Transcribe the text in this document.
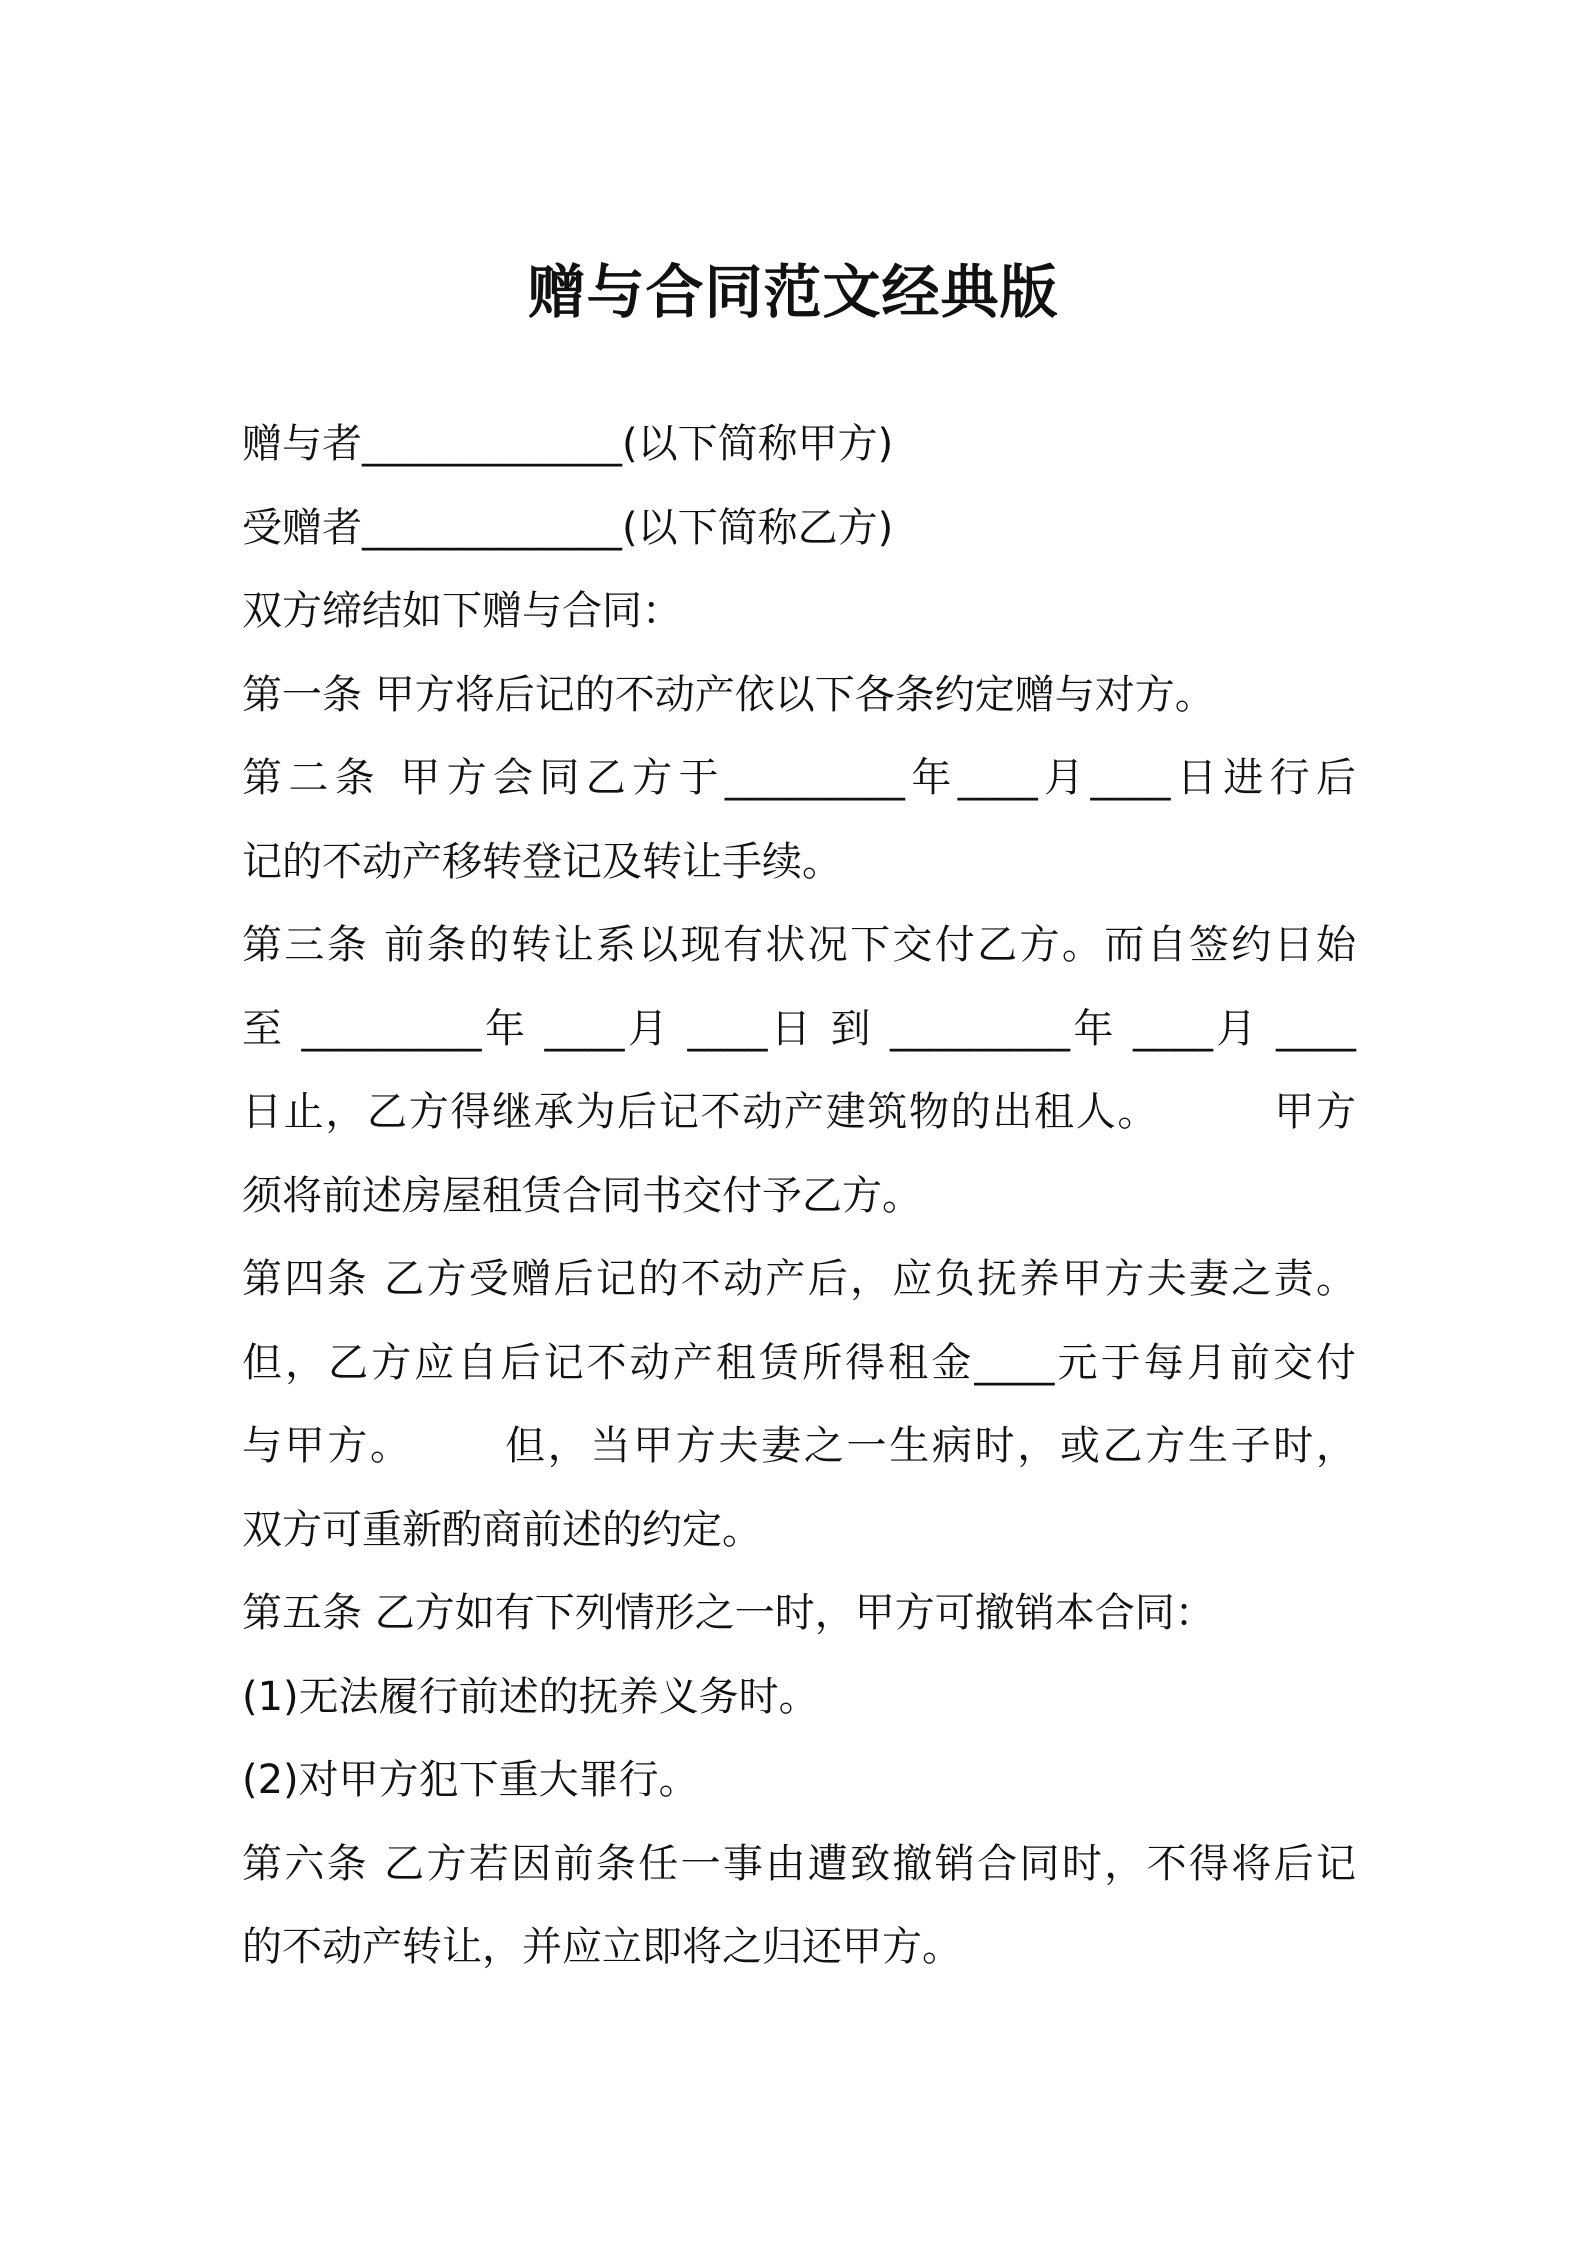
赠与合同范文经典版
赠与者_____________(以下简称甲方)
受赠者_____________(以下简称乙方)
双方缔结如下赠与合同：
第一条 甲方将后记的不动产依以下各条约定赠与对方。
第二条 甲方会同乙方于_________年____月____日进行后
记的不动产移转登记及转让手续。
第三条 前条的转让系以现有状况下交付乙方。而自签约日始
至 _________年 ____月 ____日 到 _________年 ____月 ____
日止，乙方得继承为后记不动产建筑物的出租人。        甲方
须将前述房屋租赁合同书交付予乙方。
第四条 乙方受赠后记的不动产后，应负抚养甲方夫妻之责。
但，乙方应自后记不动产租赁所得租金____元于每月前交付
与甲方。      但，当甲方夫妻之一生病时，或乙方生子时，
双方可重新酌商前述的约定。
第五条 乙方如有下列情形之一时，甲方可撤销本合同：
(1)无法履行前述的抚养义务时。
(2)对甲方犯下重大罪行。
第六条 乙方若因前条任一事由遭致撤销合同时，不得将后记
的不动产转让，并应立即将之归还甲方。
